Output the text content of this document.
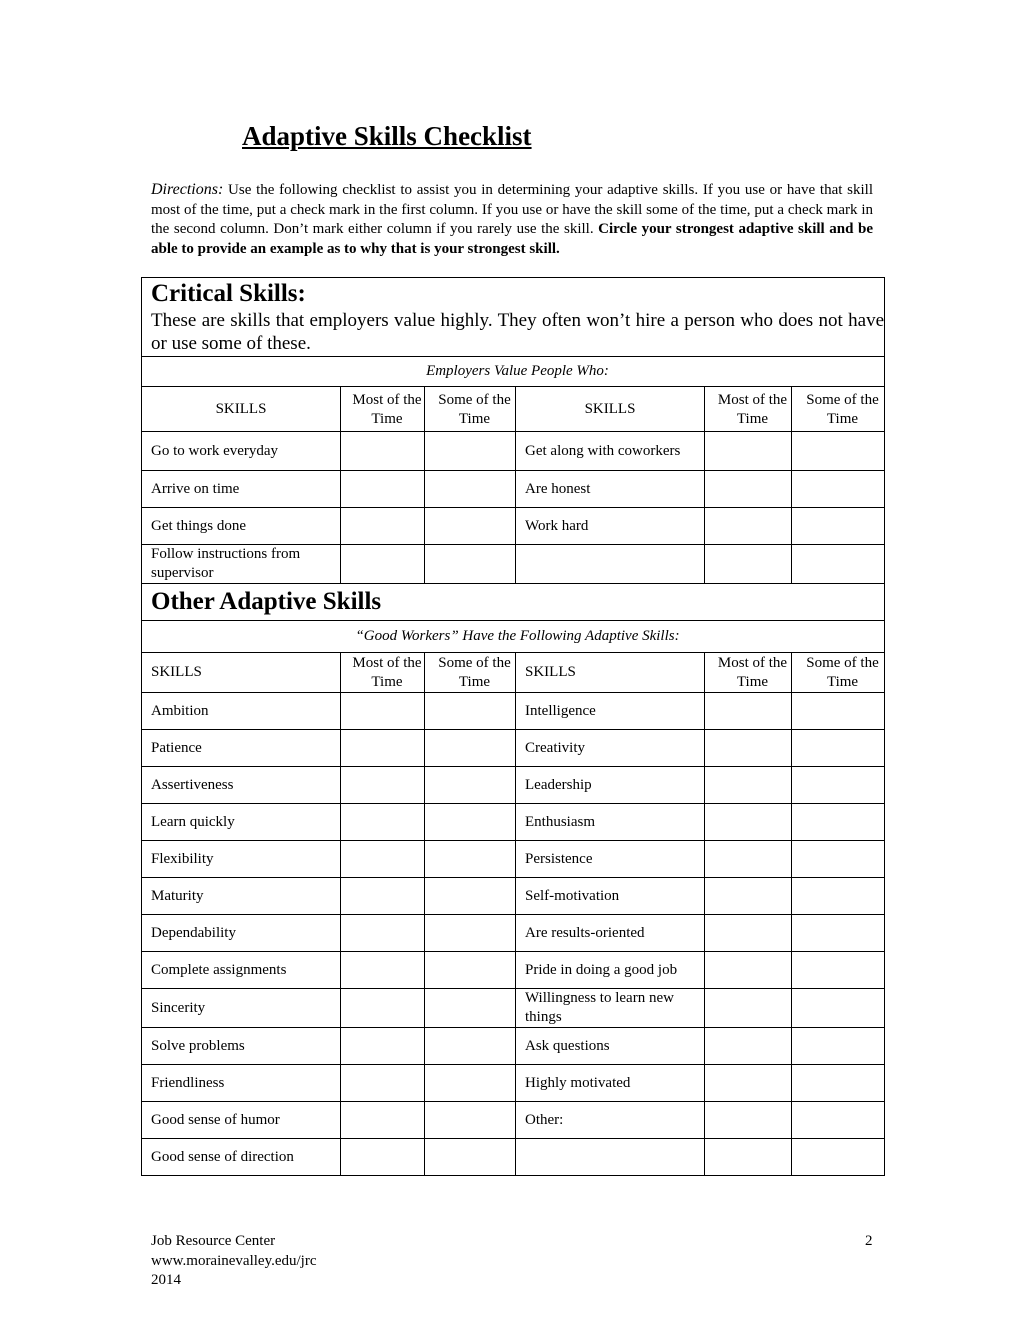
Adaptive Skills Checklist

Directions: Use the following checklist to assist you in determining your adaptive skills. If you use or have that skill most of the time, put a check mark in the first column. If you use or have the skill some of the time, put a check mark in the second column. Don’t mark either column if you rarely use the skill. Circle your strongest adaptive skill and be able to provide an example as to why that is your strongest skill.

Critical Skills:
These are skills that employers value highly. They often won’t hire a person who does not have or use some of these.					

Employers Value People Who:					
SKILLS	Most of the Time	Some of the Time	SKILLS	Most of the Time	Some of the Time

Go to work everyday			Get along with coworkers		
Arrive on time			Are honest		
Get things done			Work hard		
Follow instructions from supervisor					
Other Adaptive Skills					

“Good Workers” Have the Following Adaptive Skills:					
SKILLS	Most of the Time	Some of the Time	SKILLS	Most of the Time	Some of the Time

Ambition			Intelligence		
Patience			Creativity		
Assertiveness			Leadership		
Learn quickly			Enthusiasm		
Flexibility			Persistence		
Maturity			Self-motivation		
Dependability			Are results-oriented		
Complete assignments			Pride in doing a good job		
Sincerity			Willingness to learn new things		
Solve problems			Ask questions		
Friendliness			Highly motivated		
Good sense of humor			Other:		
Good sense of direction					
Job Resource Center
www.morainevalley.edu/jrc
2014
2
